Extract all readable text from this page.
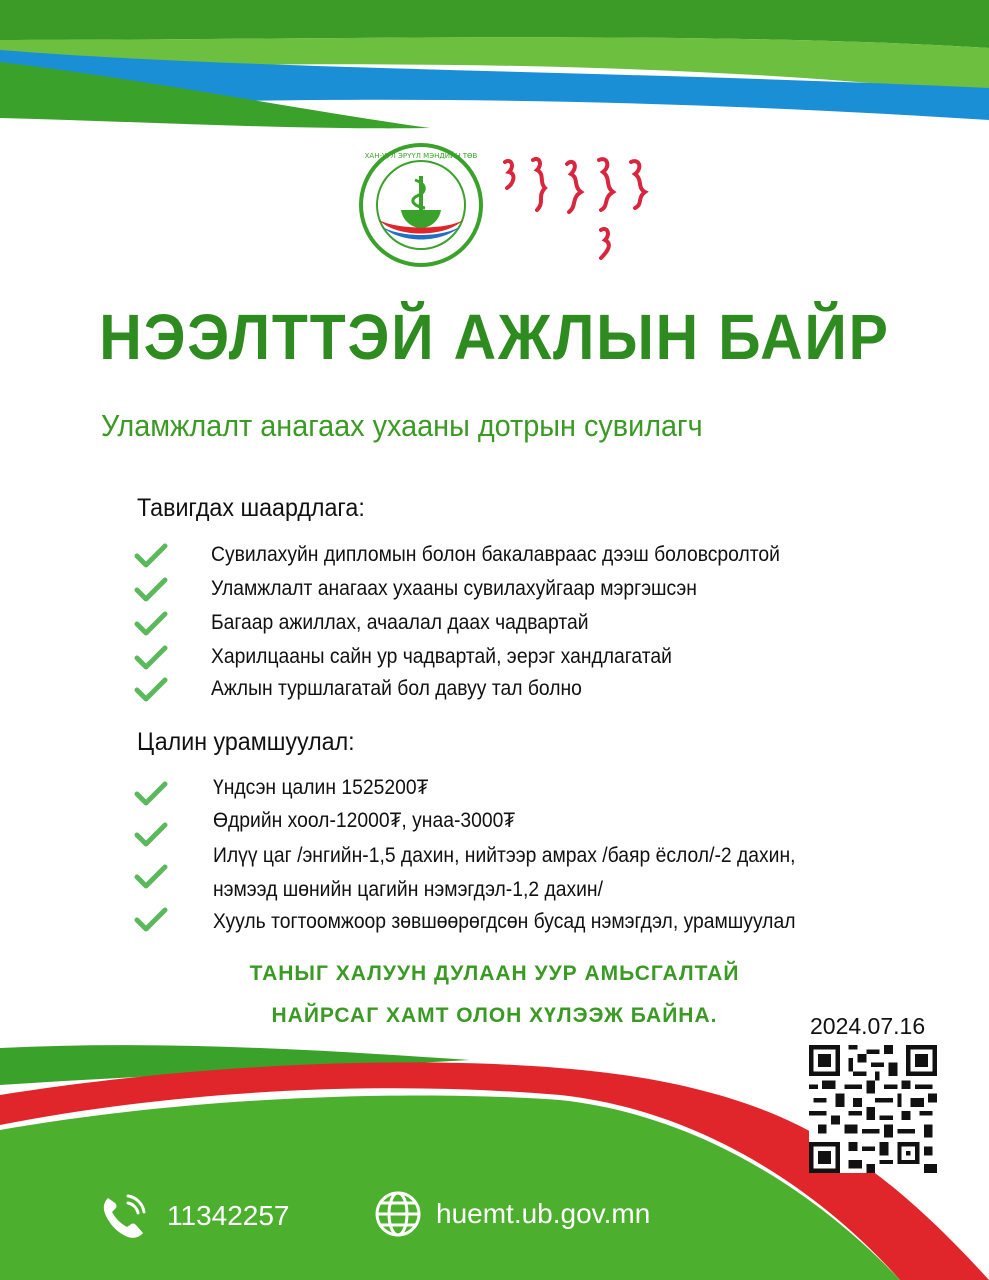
ХАН-УУЛ ЭРҮҮЛ МЭНДИЙН ТӨВ
НЭЭЛТТЭЙ АЖЛЫН БАЙР
Уламжлалт анагаах ухааны дотрын сувилагч
Тавигдах шаардлага:
Сувилахуйн дипломын болон бакалавраас дээш боловсролтой
Уламжлалт анагаах ухааны сувилахуйгаар мэргэшсэн
Багаар ажиллах, ачаалал даах чадвартай
Харилцааны сайн ур чадвартай, эерэг хандлагатай
Ажлын туршлагатай бол давуу тал болно
Цалин урамшуулал:
Үндсэн цалин 1525200₮
Өдрийн хоол-12000₮, унаа-3000₮
Илүү цаг /энгийн-1,5 дахин, нийтээр амрах /баяр ёслол/-2 дахин,
нэмээд шөнийн цагийн нэмэгдэл-1,2 дахин/
Хууль тогтоомжоор зөвшөөрөгдсөн бусад нэмэгдэл, урамшуулал
ТАНЫГ ХАЛУУН ДУЛААН УУР АМЬСГАЛТАЙ
НАЙРСАГ ХАМТ ОЛОН ХҮЛЭЭЖ БАЙНА.	2024.07.16
11342257	huemt.ub.gov.mn
